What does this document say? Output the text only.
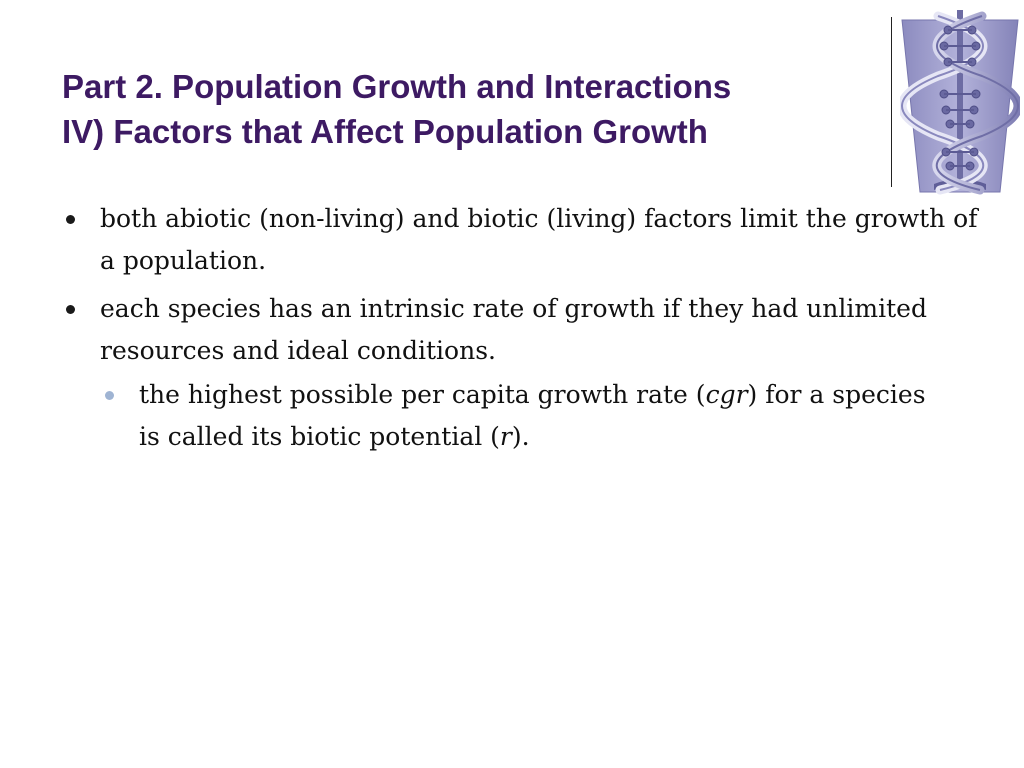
Part 2. Population Growth and Interactions
IV) Factors that Affect Population Growth
both abiotic (non-living) and biotic (living) factors limit the growth of a population.
each species has an intrinsic rate of growth if they had unlimited resources and ideal conditions.
the highest possible per capita growth rate (cgr) for a species is called its biotic potential (r).
